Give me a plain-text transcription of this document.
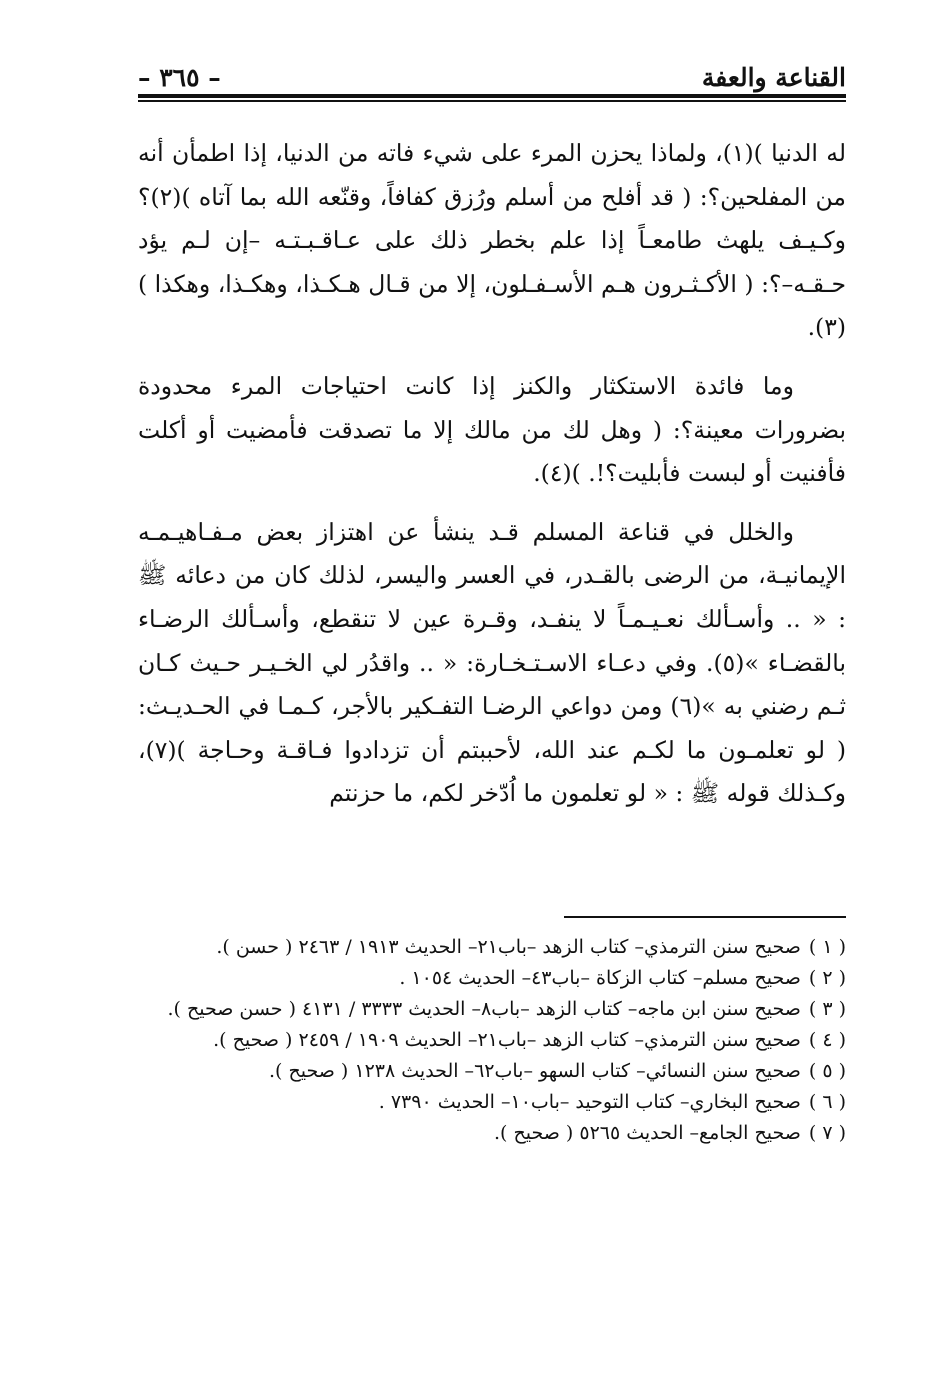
القناعة والعفة
– ٣٦٥ –

له الدنيا )(١)، ولماذا يحزن المرء على شيء فاته من الدنيا، إذا اطمأن أنه من المفلحين؟: ( قد أفلح من أسلم ورُزق كفافاً، وقنّعه الله بما آتاه )(٢)؟ وكـيـف يلهث طامعـاً إذا علم بخطر ذلك على عـاقـبـتـه –إن لـم يؤد حـقـه–؟: ( الأكـثـرون هـم الأسـفـلون، إلا من قـال هـكـذا، وهكـذا، وهكذا )(٣).

وما فائدة الاستكثار والكنز إذا كانت احتياجات المرء محدودة بضرورات معينة؟: ( وهل لك من مالك إلا ما تصدقت فأمضيت أو أكلت فأفنيت أو لبست فأبليت؟!. )(٤).

والخلل في قناعة المسلم قـد ينشأ عن اهتزاز بعض مـفـاهيـمـه الإيمانيـة، من الرضى بالقـدر، في العسر واليسر، لذلك كان من دعائه ﷺ : « .. وأسـألك نعـيـمـاً لا ينفـد، وقـرة عين لا تنقطع، وأسـألك الرضـاء بالقضـاء »(٥). وفي دعـاء الاسـتـخـارة: « .. واقدُر لي الخـيـر حـيث كـان ثـم رضني به »(٦) ومن دواعي الرضـا التفـكير بالأجر، كـمـا في الحـديـث: ( لو تعلمـون ما لكـم عند الله، لأحببتم أن تزدادوا فـاقـة وحـاجة )(٧)، وكـذلك قوله ﷺ : « لو تعلمون ما اُدّخر لكم، ما حزنتم

( ١ )
صحيح سنن الترمذي– كتاب الزهد –باب٢١– الحديث ١٩١٣ / ٢٤٦٣ ( حسن ).
( ٢ )
صحيح مسلم– كتاب الزكاة –باب٤٣– الحديث ١٠٥٤ .
( ٣ )
صحيح سنن ابن ماجه– كتاب الزهد –باب٨– الحديث ٣٣٣٣ / ٤١٣١ ( حسن صحيح ).
( ٤ )
صحيح سنن الترمذي– كتاب الزهد –باب٢١– الحديث ١٩٠٩ / ٢٤٥٩ ( صحيح ).
( ٥ )
صحيح سنن النسائي– كتاب السهو –باب٦٢– الحديث ١٢٣٨ ( صحيح ).
( ٦ )
صحيح البخاري– كتاب التوحيد –باب١٠– الحديث ٧٣٩٠ .
( ٧ )
صحيح الجامع– الحديث ٥٢٦٥ ( صحيح ).
